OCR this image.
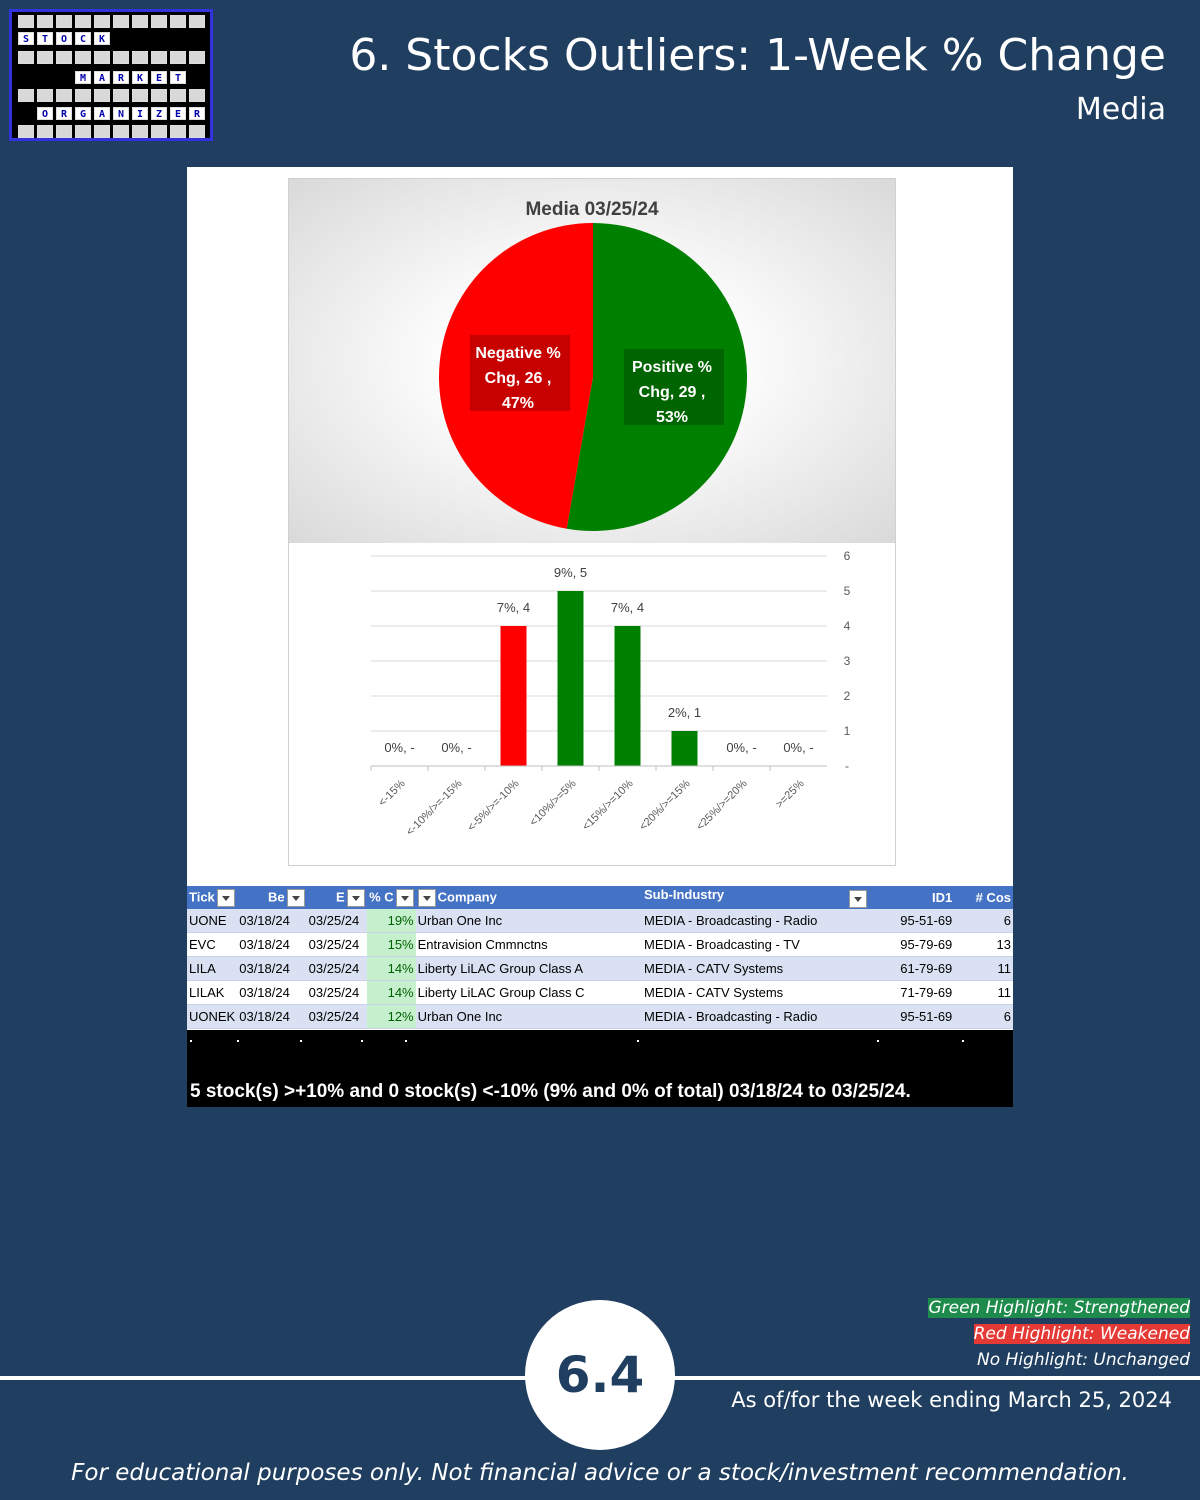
S	T	O	C	K
M	A	R	K	E	T
O	R	G	A	N	I	Z	E	R
6. Stocks Outliers: 1-Week % Change
Media
Media 03/25/24
Positive %
Chg, 29 ,
53%
Negative %
Chg, 26 ,
47%
-
1
2
3
4
5
6
0%, -
<-15%
0%, -
<-10%/>=-15%
7%, 4
<-5%/>=-10%
9%, 5
<10%/>=5%
7%, 4
<15%/>=10%
2%, 1
<20%/>=15%
0%, -
<25%/>=20%
0%, -
>=25%
Tick	Be	E	% C	Company	Sub-Industry	ID1	# Cos
UONE	03/18/24	03/25/24	19%	Urban One Inc	MEDIA - Broadcasting - Radio	95-51-69	6
EVC	03/18/24	03/25/24	15%	Entravision Cmmnctns	MEDIA - Broadcasting - TV	95-79-69	13
LILA	03/18/24	03/25/24	14%	Liberty LiLAC Group Class A	MEDIA - CATV Systems	61-79-69	11
LILAK	03/18/24	03/25/24	14%	Liberty LiLAC Group Class C	MEDIA - CATV Systems	71-79-69	11
UONEK	03/18/24	03/25/24	12%	Urban One Inc	MEDIA - Broadcasting - Radio	95-51-69	6
5 stock(s) >+10% and 0 stock(s) <-10% (9% and 0% of total) 03/18/24 to 03/25/24.
Green Highlight: Strengthened
Red Highlight: Weakened
No Highlight: Unchanged
6.4	As of/for the week ending March 25, 2024
For educational purposes only. Not financial advice or a stock/investment recommendation.
